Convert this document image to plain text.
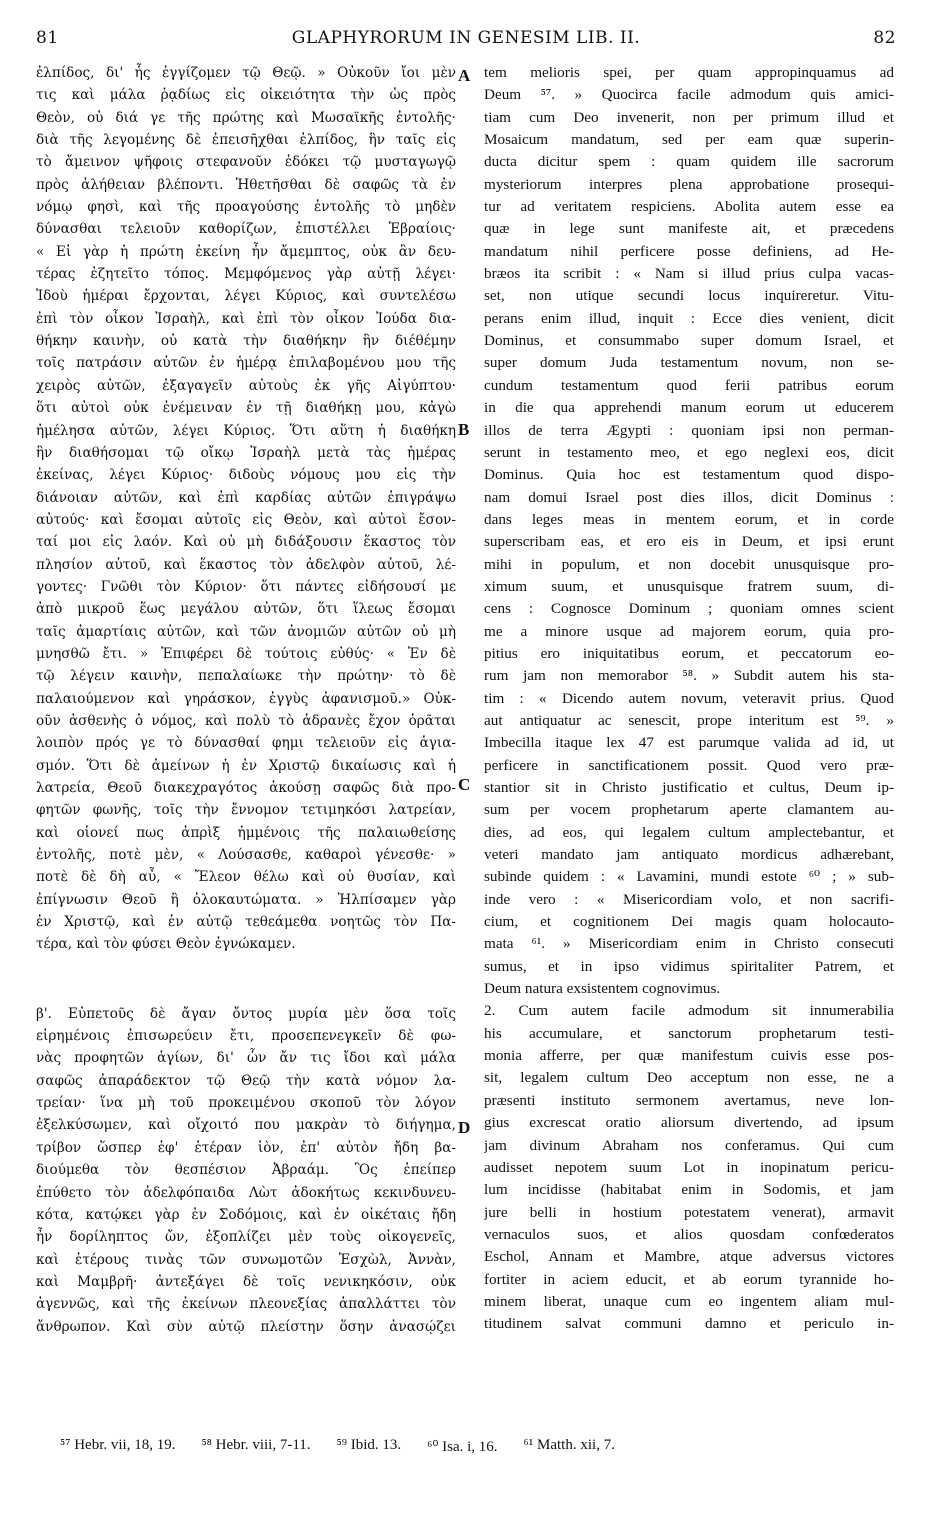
81	GLAPHYRORUM IN GENESIM LIB. II.	82
ἐλπίδος, δι' ἧς ἐγγίζομεν τῷ Θεῷ. » Οὐκοῦν ἴοι μὲν
τις καὶ μάλα ῥᾳδίως εἰς οἰκειότητα τὴν ὡς πρὸς
Θεὸν, οὐ διά γε τῆς πρώτης καὶ Μωσαϊκῆς ἐντολῆς·
διὰ τῆς λεγομένης δὲ ἐπεισῆχθαι ἐλπίδος, ἣν ταῖς εἰς
τὸ ἄμεινον ψῆφοις στεφανοῦν ἐδόκει τῷ μυσταγωγῷ
πρὸς ἀλήθειαν βλέποντι. Ἡθετῆσθαι δὲ σαφῶς τὰ ἐν
νόμῳ φησὶ, καὶ τῆς προαγούσης ἐντολῆς τὸ μηδὲν
δύνασθαι τελειοῦν καθορίζων, ἐπιστέλλει Ἑβραίοις·
« Εἰ γὰρ ἡ πρώτη ἐκείνη ἦν ἄμεμπτος, οὐκ ἂν δευ-
τέρας ἐζητεῖτο τόπος. Μεμφόμενος γὰρ αὐτῇ λέγει·
Ἰδοὺ ἡμέραι ἔρχονται, λέγει Κύριος, καὶ συντελέσω
ἐπὶ τὸν οἶκον Ἰσραὴλ, καὶ ἐπὶ τὸν οἶκον Ἰούδα δια-
θήκην καινὴν, οὐ κατὰ τὴν διαθήκην ἣν διέθέμην
τοῖς πατράσιν αὐτῶν ἐν ἡμέρᾳ ἐπιλαβομένου μου τῆς
χειρὸς αὐτῶν, ἐξαγαγεῖν αὐτοὺς ἐκ γῆς Αἰγύπτου·
ὅτι αὐτοὶ οὐκ ἐνέμειναν ἐν τῇ διαθήκῃ μου, κἀγὼ
ἠμέλησα αὐτῶν, λέγει Κύριος. Ὅτι αὕτη ἡ διαθήκη
ἣν διαθήσομαι τῷ οἴκῳ Ἰσραὴλ μετὰ τὰς ἡμέρας
ἐκείνας, λέγει Κύριος· διδοὺς νόμους μου εἰς τὴν
διάνοιαν αὐτῶν, καὶ ἐπὶ καρδίας αὐτῶν ἐπιγράψω
αὐτούς· καὶ ἔσομαι αὐτοῖς εἰς Θεὸν, καὶ αὐτοὶ ἔσον-
ταί μοι εἰς λαόν. Καὶ οὐ μὴ διδάξουσιν ἕκαστος τὸν
πλησίον αὐτοῦ, καὶ ἕκαστος τὸν ἀδελφὸν αὐτοῦ, λέ-
γοντες· Γνῶθι τὸν Κύριον· ὅτι πάντες εἰδήσουσί με
ἀπὸ μικροῦ ἕως μεγάλου αὐτῶν, ὅτι ἵλεως ἔσομαι
ταῖς ἁμαρτίαις αὐτῶν, καὶ τῶν ἀνομιῶν αὐτῶν οὐ μὴ
μνησθῶ ἔτι. » Ἐπιφέρει δὲ τούτοις εὐθύς· « Ἐν δὲ
τῷ λέγειν καινὴν, πεπαλαίωκε τὴν πρώτην· τὸ δὲ
παλαιούμενον καὶ γηράσκον, ἐγγὺς ἀφανισμοῦ.» Οὐκ-
οῦν ἀσθενὴς ὁ νόμος, καὶ πολὺ τὸ ἀδρανὲς ἔχον ὁρᾶται
λοιπὸν πρός γε τὸ δύνασθαί φημι τελειοῦν εἰς ἁγια-
σμόν. Ὅτι δὲ ἀμείνων ἡ ἐν Χριστῷ δικαίωσις καὶ ἡ
λατρεία, Θεοῦ διακεχραγότος ἀκούσῃ σαφῶς διὰ προ-
φητῶν φωνῆς, τοῖς τὴν ἔννομον τετιμηκόσι λατρείαν,
καὶ οἱονεί πως ἀπρὶξ ἠμμένοις τῆς παλαιωθείσης
ἐντολῆς, ποτὲ μὲν, « Λούσασθε, καθαροὶ γένεσθε· »
ποτὲ δὲ δὴ αὖ, « Ἔλεον θέλω καὶ οὐ θυσίαν, καὶ
ἐπίγνωσιν Θεοῦ ἢ ὁλοκαυτώματα. » Ἠλπίσαμεν γὰρ
ἐν Χριστῷ, καὶ ἐν αὐτῷ τεθεάμεθα νοητῶς τὸν Πα-
τέρα, καὶ τὸν φύσει Θεὸν ἐγνώκαμεν.
β'. Εὐπετοῦς δὲ ἄγαν ὄντος μυρία μὲν ὅσα τοῖς
εἰρημένοις ἐπισωρεύειν ἔτι, προσεπενεγκεῖν δὲ φω-
νὰς προφητῶν ἁγίων, δι' ὧν ἄν τις ἴδοι καὶ μάλα
σαφῶς ἀπαράδεκτον τῷ Θεῷ τὴν κατὰ νόμον λα-
τρείαν· ἵνα μὴ τοῦ προκειμένου σκοποῦ τὸν λόγον
ἐξελκύσωμεν, καὶ οἴχοιτό που μακρὰν τὸ διήγημα,
τρίβον ὥσπερ ἐφ' ἑτέραν ἰὸν, ἐπ' αὐτὸν ἤδη βα-
διούμεθα τὸν θεσπέσιον Ἀβραάμ. Ὃς ἐπείπερ
ἐπύθετο τὸν ἀδελφόπαιδα Λὼτ ἀδοκήτως κεκινδυνευ-
κότα, κατῴκει γὰρ ἐν Σοδόμοις, καὶ ἐν οἰκέταις ἤδη
ἦν δορίληπτος ὤν, ἐξοπλίζει μὲν τοὺς οἰκογενεῖς,
καὶ ἑτέρους τινὰς τῶν συνωμοτῶν Ἐσχὼλ, Ἀννὰν,
καὶ Μαμβρῆ· ἀντεξάγει δὲ τοῖς νενικηκόσιν, οὐκ
ἀγεννῶς, καὶ τῆς ἐκείνων πλεονεξίας ἀπαλλάττει τὸν
ἄνθρωπον. Καὶ σὺν αὐτῷ πλείστην ὅσην ἀνασῴζει
tem melioris spei, per quam appropinquamus ad
Deum ⁵⁷. » Quocirca facile admodum quis amici-
tiam cum Deo invenerit, non per primum illud et
Mosaicum mandatum, sed per eam quæ superin-
ducta dicitur spem : quam quidem ille sacrorum
mysteriorum interpres plena approbatione prosequi-
tur ad veritatem respiciens. Abolita autem esse ea
quæ in lege sunt manifeste ait, et præcedens
mandatum nihil perficere posse definiens, ad He-
bræos ita scribit : « Nam si illud prius culpa vacas-
set, non utique secundi locus inquireretur. Vitu-
perans enim illud, inquit : Ecce dies venient, dicit
Dominus, et consummabo super domum Israel, et
super domum Juda testamentum novum, non se-
cundum testamentum quod ferii patribus eorum
in die qua apprehendi manum eorum ut educerem
illos de terra Ægypti : quoniam ipsi non perman-
serunt in testamento meo, et ego neglexi eos, dicit
Dominus. Quia hoc est testamentum quod dispo-
nam domui Israel post dies illos, dicit Dominus :
dans leges meas in mentem eorum, et in corde
superscribam eas, et ero eis in Deum, et ipsi erunt
mihi in populum, et non docebit unusquisque pro-
ximum suum, et unusquisque fratrem suum, di-
cens : Cognosce Dominum ; quoniam omnes scient
me a minore usque ad majorem eorum, quia pro-
pitius ero iniquitatibus eorum, et peccatorum eo-
rum jam non memorabor ⁵⁸. » Subdit autem his sta-
tim : « Dicendo autem novum, veteravit prius. Quod
aut antiquatur ac senescit, prope interitum est ⁵⁹. »
Imbecilla itaque lex 47 est parumque valida ad id, ut
perficere in sanctificationem possit. Quod vero præ-
stantior sit in Christo justificatio et cultus, Deum ip-
sum per vocem prophetarum aperte clamantem au-
dies, ad eos, qui legalem cultum amplectebantur, et
veteri mandato jam antiquato mordicus adhærebant,
subinde quidem : « Lavamini, mundi estote ⁶⁰ ; » sub-
inde vero : « Misericordiam volo, et non sacrifi-
cium, et cognitionem Dei magis quam holocauto-
mata ⁶¹. » Misericordiam enim in Christo consecuti
sumus, et in ipso vidimus spiritaliter Patrem, et
Deum natura exsistentem cognovimus.
2. Cum autem facile admodum sit innumerabilia
his accumulare, et sanctorum prophetarum testi-
monia afferre, per quæ manifestum cuivis esse pos-
sit, legalem cultum Deo acceptum non esse, ne a
præsenti instituto sermonem avertamus, neve lon-
gius excrescat oratio aliorsum divertendo, ad ipsum
jam divinum Abraham nos conferamus. Qui cum
audisset nepotem suum Lot in inopinatum pericu-
lum incidisse (habitabat enim in Sodomis, et jam
jure belli in hostium potestatem venerat), armavit
vernaculos suos, et alios quosdam confœderatos
Eschol, Annam et Mambre, atque adversus victores
fortiter in aciem educit, et ab eorum tyrannide ho-
minem liberat, unaque cum eo ingentem aliam mul-
titudinem salvat communi damno et periculo in-
A
B
C
D
⁵⁷ Hebr. vii, 18, 19. ⁵⁸ Hebr. viii, 7-11. ⁵⁹ Ibid. 13. ⁶⁰ Isa. i, 16. ⁶¹ Matth. xii, 7.
